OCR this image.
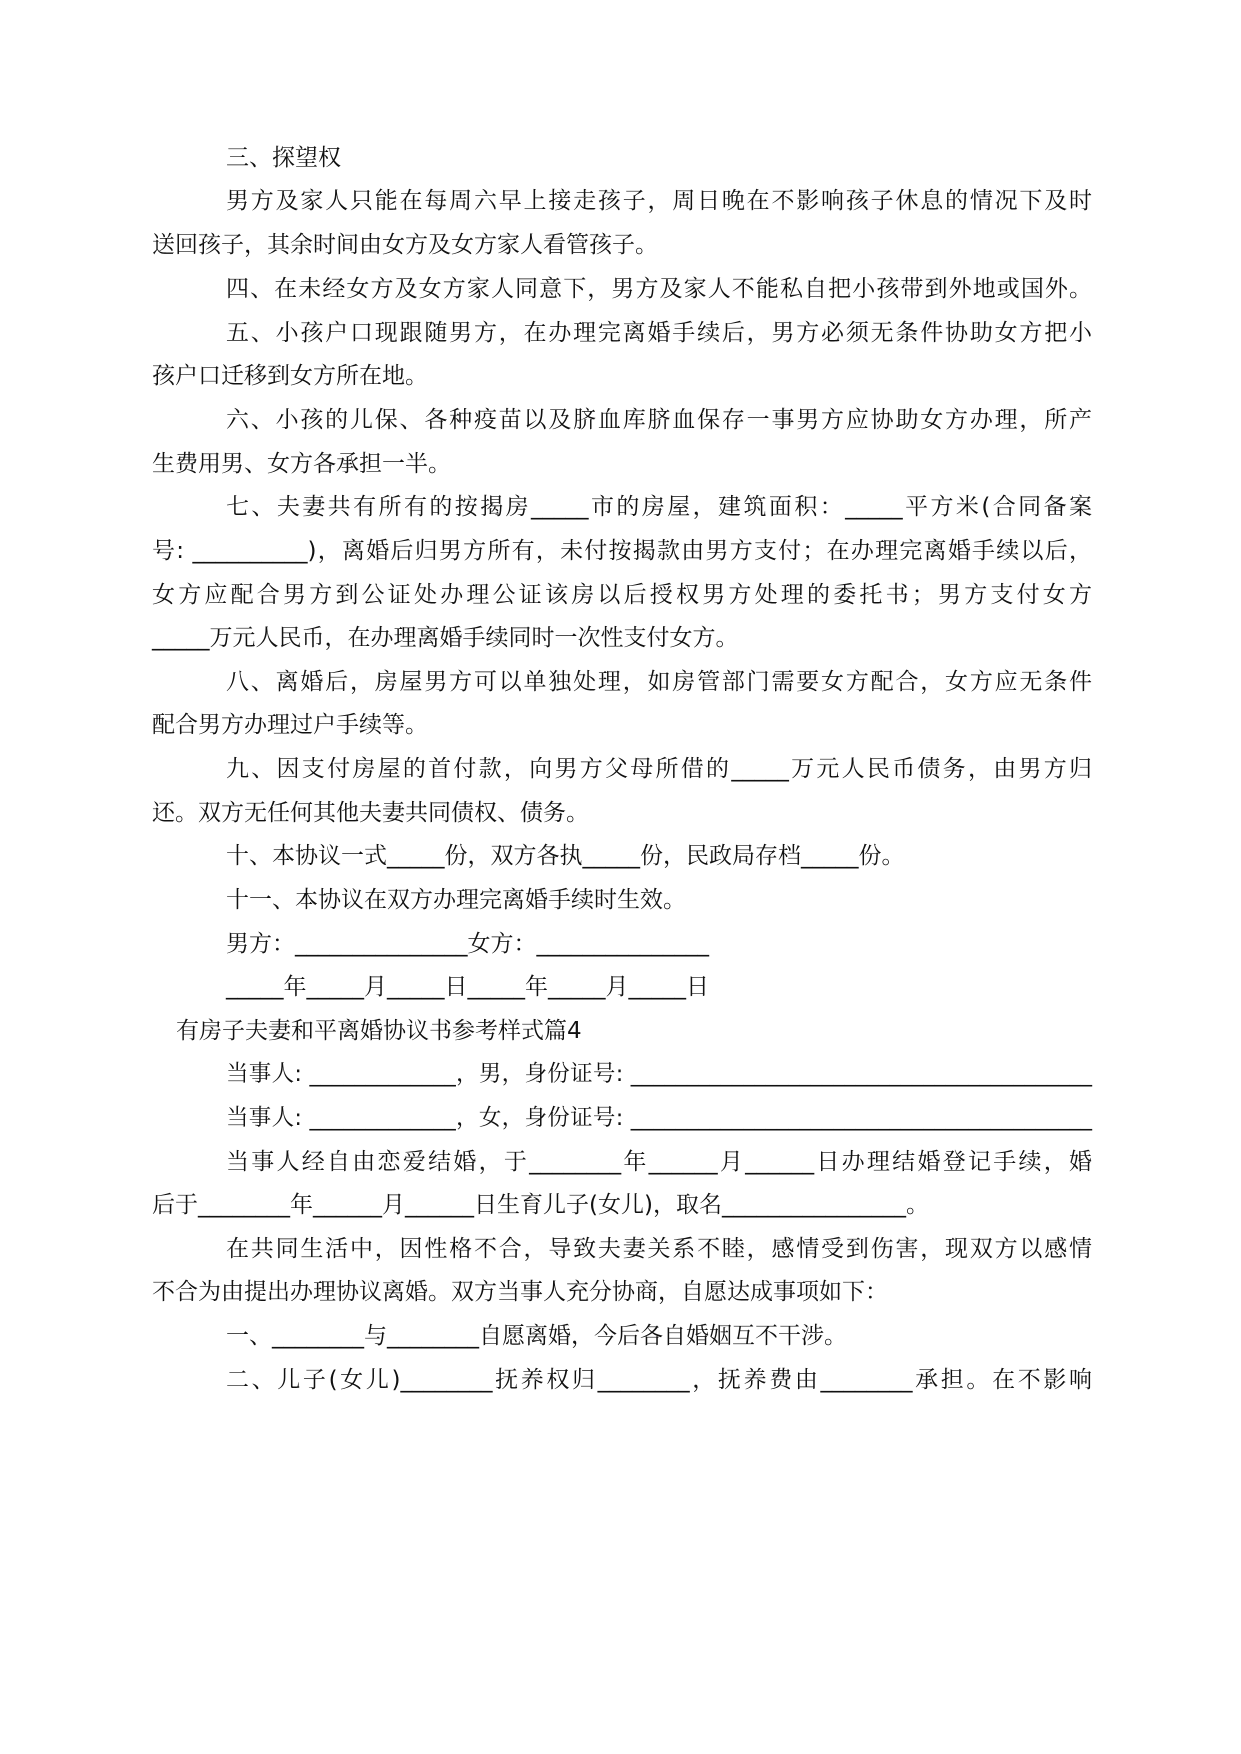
三、探望权
男方及家人只能在每周六早上接走孩子，周日晚在不影响孩子休息的情况下及时
送回孩子，其余时间由女方及女方家人看管孩子。
四、在未经女方及女方家人同意下，男方及家人不能私自把小孩带到外地或国外。
五、小孩户口现跟随男方，在办理完离婚手续后，男方必须无条件协助女方把小
孩户口迁移到女方所在地。
六、小孩的儿保、各种疫苗以及脐血库脐血保存一事男方应协助女方办理，所产
生费用男、女方各承担一半。
七、夫妻共有所有的按揭房_____市的房屋，建筑面积：_____平方米(合同备案
号: __________)，离婚后归男方所有，未付按揭款由男方支付；在办理完离婚手续以后，
女方应配合男方到公证处办理公证该房以后授权男方处理的委托书；男方支付女方
_____万元人民币，在办理离婚手续同时一次性支付女方。
八、离婚后，房屋男方可以单独处理，如房管部门需要女方配合，女方应无条件
配合男方办理过户手续等。
九、因支付房屋的首付款，向男方父母所借的_____万元人民币债务，由男方归
还。双方无任何其他夫妻共同债权、债务。
十、本协议一式_____份，双方各执_____份，民政局存档_____份。
十一、本协议在双方办理完离婚手续时生效。
男方：_______________女方：_______________
_____年_____月_____日_____年_____月_____日
有房子夫妻和平离婚协议书参考样式篇4
当事人: _____________，男，身份证号: _________________________________________
当事人: _____________，女，身份证号: _________________________________________
当事人经自由恋爱结婚，于________年______月______日办理结婚登记手续，婚
后于________年______月______日生育儿子(女儿)，取名________________。
在共同生活中，因性格不合，导致夫妻关系不睦，感情受到伤害，现双方以感情
不合为由提出办理协议离婚。双方当事人充分协商，自愿达成事项如下：
一、________与________自愿离婚，今后各自婚姻互不干涉。
二、儿子(女儿)________抚养权归________，抚养费由________承担。在不影响
